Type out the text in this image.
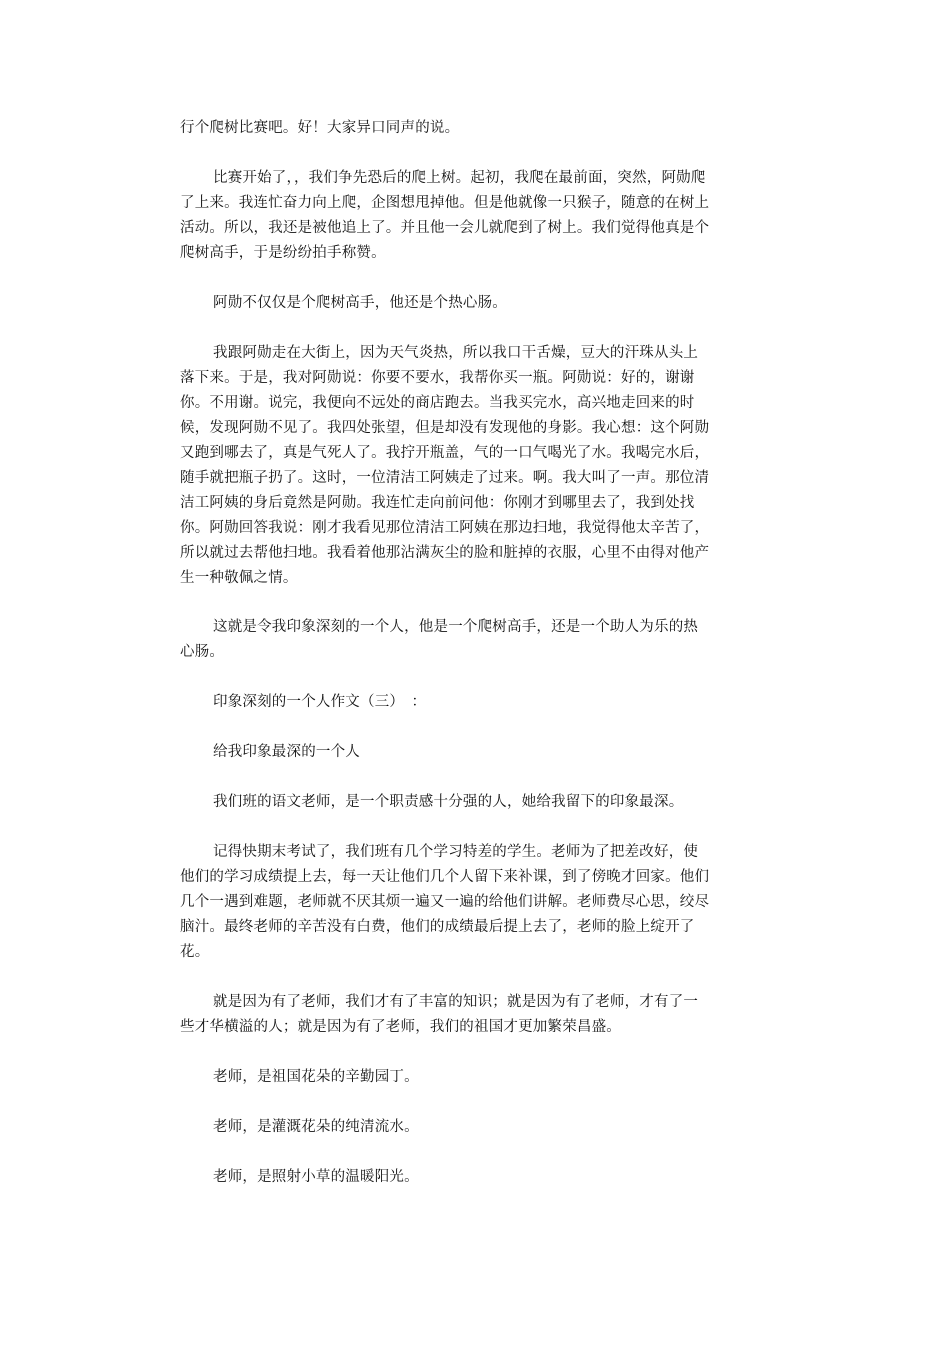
行个爬树比赛吧。好！大家异口同声的说。

比赛开始了，，我们争先恐后的爬上树。起初，我爬在最前面，突然，阿勋爬了上来。我连忙奋力向上爬，企图想甩掉他。但是他就像一只猴子，随意的在树上活动。所以，我还是被他追上了。并且他一会儿就爬到了树上。我们觉得他真是个爬树高手，于是纷纷拍手称赞。

阿勋不仅仅是个爬树高手，他还是个热心肠。

我跟阿勋走在大街上，因为天气炎热，所以我口干舌燥，豆大的汗珠从头上落下来。于是，我对阿勋说：你要不要水，我帮你买一瓶。阿勋说：好的，谢谢你。不用谢。说完，我便向不远处的商店跑去。当我买完水，高兴地走回来的时候，发现阿勋不见了。我四处张望，但是却没有发现他的身影。我心想：这个阿勋又跑到哪去了，真是气死人了。我拧开瓶盖，气的一口气喝光了水。我喝完水后，随手就把瓶子扔了。这时，一位清洁工阿姨走了过来。啊。我大叫了一声。那位清洁工阿姨的身后竟然是阿勋。我连忙走向前问他：你刚才到哪里去了，我到处找你。阿勋回答我说：刚才我看见那位清洁工阿姨在那边扫地，我觉得他太辛苦了，所以就过去帮他扫地。我看着他那沾满灰尘的脸和脏掉的衣服，心里不由得对他产生一种敬佩之情。

这就是令我印象深刻的一个人，他是一个爬树高手，还是一个助人为乐的热心肠。

印象深刻的一个人作文（三）　：

给我印象最深的一个人

我们班的语文老师，是一个职责感十分强的人，她给我留下的印象最深。

记得快期末考试了，我们班有几个学习特差的学生。老师为了把差改好，使他们的学习成绩提上去，每一天让他们几个人留下来补课，到了傍晚才回家。他们几个一遇到难题，老师就不厌其烦一遍又一遍的给他们讲解。老师费尽心思，绞尽脑汁。最终老师的辛苦没有白费，他们的成绩最后提上去了，老师的脸上绽开了花。

就是因为有了老师，我们才有了丰富的知识；就是因为有了老师，才有了一些才华横溢的人；就是因为有了老师，我们的祖国才更加繁荣昌盛。

老师，是祖国花朵的辛勤园丁。

老师，是灌溉花朵的纯清流水。

老师，是照射小草的温暖阳光。
